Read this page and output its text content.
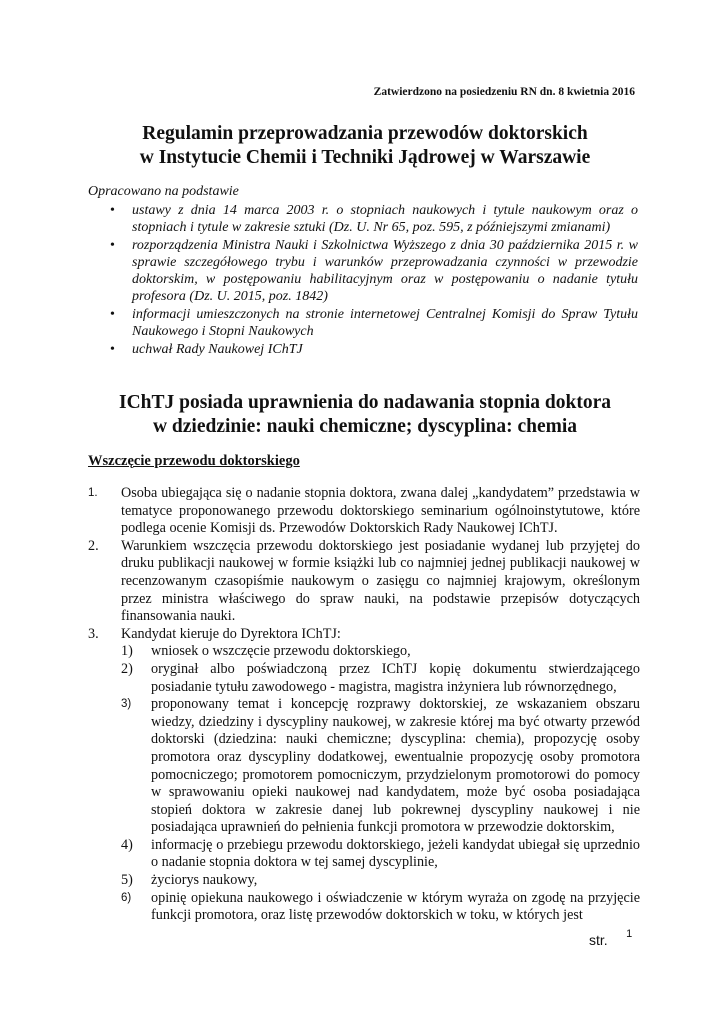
Zatwierdzono na posiedzeniu RN dn. 8 kwietnia 2016
Regulamin przeprowadzania przewodów doktorskich
w Instytucie Chemii i Techniki Jądrowej w Warszawie
Opracowano na podstawie
• ustawy z dnia 14 marca 2003 r. o stopniach naukowych i tytule naukowym oraz o stopniach i tytule w zakresie sztuki (Dz. U. Nr 65, poz. 595, z późniejszymi zmianami)
• rozporządzenia Ministra Nauki i Szkolnictwa Wyższego z dnia 30 października 2015 r. w sprawie szczegółowego trybu i warunków przeprowadzania czynności w przewodzie doktorskim, w postępowaniu habilitacyjnym oraz w postępowaniu o nadanie tytułu profesora (Dz. U. 2015, poz. 1842)
• informacji umieszczonych na stronie internetowej Centralnej Komisji do Spraw Tytułu Naukowego i Stopni Naukowych
• uchwał Rady Naukowej IChTJ
IChTJ posiada uprawnienia do nadawania stopnia doktora
w dziedzinie: nauki chemiczne; dyscyplina: chemia
Wszczęcie przewodu doktorskiego
1. Osoba ubiegająca się o nadanie stopnia doktora, zwana dalej „kandydatem” przedstawia w tematyce proponowanego przewodu doktorskiego seminarium ogólnoinstytutowe, które podlega ocenie Komisji ds. Przewodów Doktorskich Rady Naukowej IChTJ.
2. Warunkiem wszczęcia przewodu doktorskiego jest posiadanie wydanej lub przyjętej do druku publikacji naukowej w formie książki lub co najmniej jednej publikacji naukowej w recenzowanym czasopiśmie naukowym o zasięgu co najmniej krajowym, określonym przez ministra właściwego do spraw nauki, na podstawie przepisów dotyczących finansowania nauki.
3. Kandydat kieruje do Dyrektora IChTJ:
1) wniosek o wszczęcie przewodu doktorskiego,
2) oryginał albo poświadczoną przez IChTJ kopię dokumentu stwierdzającego posiadanie tytułu zawodowego - magistra, magistra inżyniera lub równorzędnego,
3) proponowany temat i koncepcję rozprawy doktorskiej, ze wskazaniem obszaru wiedzy, dziedziny i dyscypliny naukowej, w zakresie której ma być otwarty przewód doktorski (dziedzina: nauki chemiczne; dyscyplina: chemia), propozycję osoby promotora oraz dyscypliny dodatkowej, ewentualnie propozycję osoby promotora pomocniczego; promotorem pomocniczym, przydzielonym promotorowi do pomocy w sprawowaniu opieki naukowej nad kandydatem, może być osoba posiadająca stopień doktora w zakresie danej lub pokrewnej dyscypliny naukowej i nie posiadająca uprawnień do pełnienia funkcji promotora w przewodzie doktorskim,
4) informację o przebiegu przewodu doktorskiego, jeżeli kandydat ubiegał się uprzednio o nadanie stopnia doktora w tej samej dyscyplinie,
5) życiorys naukowy,
6) opinię opiekuna naukowego i oświadczenie w którym wyraża on zgodę na przyjęcie funkcji promotora, oraz listę przewodów doktorskich w toku, w których jest
str. $^1$
